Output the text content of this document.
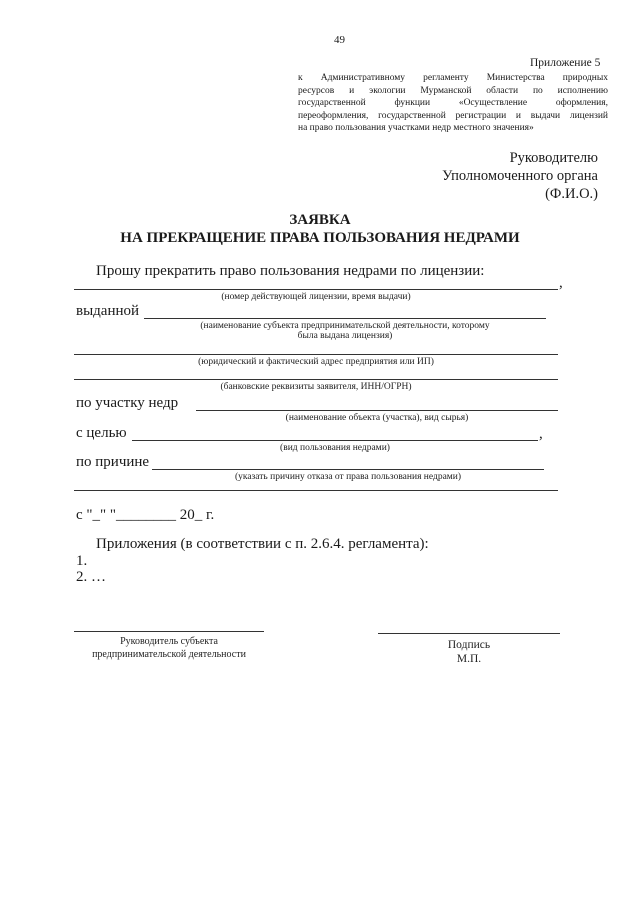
49
Приложение 5
к Административному регламенту Министерства природных
ресурсов и экологии Мурманской области по исполнению
государственной функции «Осуществление оформления,
переоформления, государственной регистрации и выдачи лицензий
на право пользования участками недр местного значения»
Руководителю
Уполномоченного органа
(Ф.И.О.)
ЗАЯВКА
НА ПРЕКРАЩЕНИЕ ПРАВА ПОЛЬЗОВАНИЯ НЕДРАМИ
Прошу прекратить право пользования недрами по лицензии:
,
(номер действующей лицензии, время выдачи)
выданной
(наименование субъекта предпринимательской деятельности, которому
была выдана лицензия)
(юридический и фактический адрес предприятия или ИП)
(банковские реквизиты заявителя, ИНН/ОГРН)
по участку недр
(наименование объекта (участка), вид сырья)
с целью	,
(вид пользования недрами)
по причине
(указать причину отказа от права пользования недрами)
с "_" "________ 20_ г.
Приложения (в соответствии с п. 2.6.4. регламента):
1.
2. …
Руководитель субъекта
предпринимательской деятельности
Подпись
М.П.
